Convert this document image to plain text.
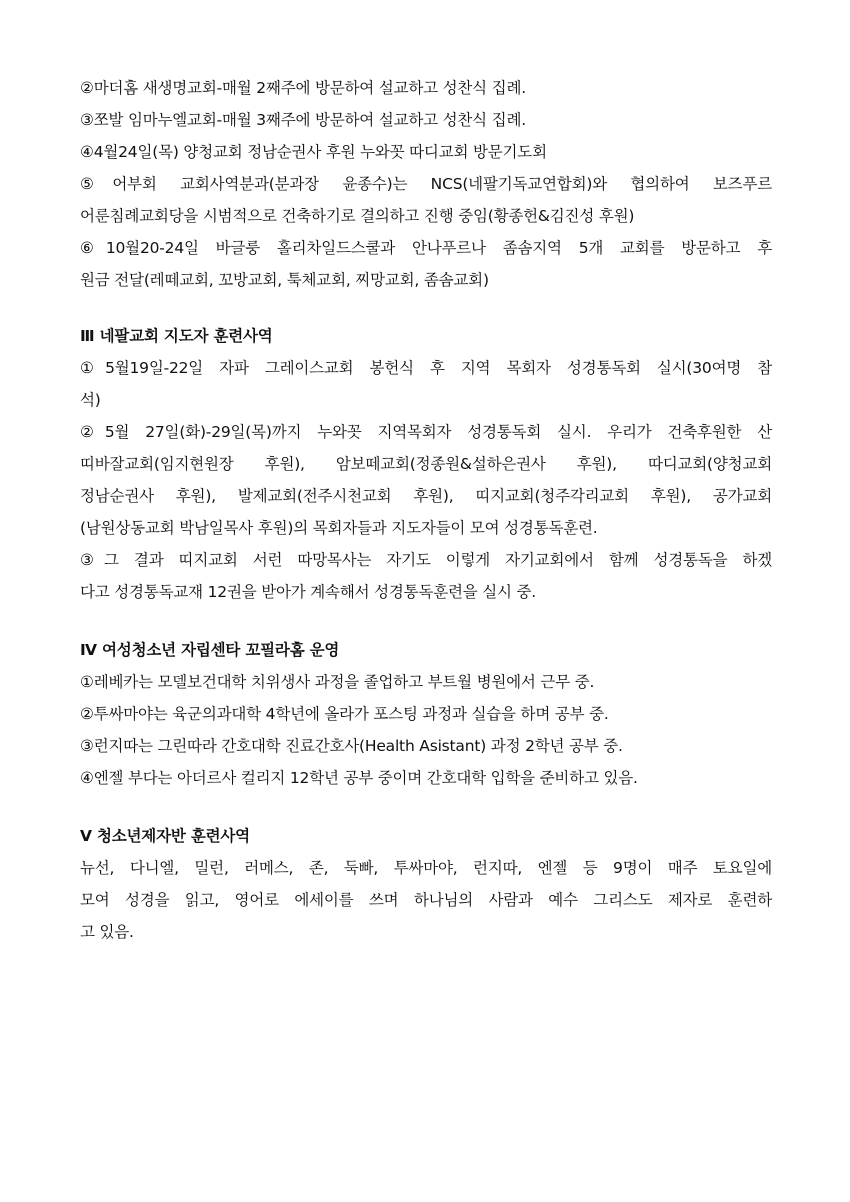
②마더홈 새생명교회-매월 2째주에 방문하여 설교하고 성찬식 집례.
③쪼발 임마누엘교회-매월 3째주에 방문하여 설교하고 성찬식 집례.
④4월24일(목) 양청교회 정남순권사 후원 누와꼿 따디교회 방문기도회
⑤어부회 교회사역분과(분과장 윤종수)는 NCS(네팔기독교연합회)와 협의하여 보즈푸르
어룬침례교회당을 시범적으로 건축하기로 결의하고 진행 중임(황종헌&김진성 후원)
⑥10월20-24일 바글룽 홀리차일드스쿨과 안나푸르나 좀솜지역 5개 교회를 방문하고 후
원금 전달(레떼교회, 꼬방교회, 툭체교회, 찌망교회, 좀솜교회)
Ⅲ 네팔교회 지도자 훈련사역
①5월19일-22일 자파 그레이스교회 봉헌식 후 지역 목회자 성경통독회 실시(30여명 참
석)
②5월 27일(화)-29일(목)까지 누와꼿 지역목회자 성경통독회 실시. 우리가 건축후원한 산
띠바잘교회(임지현원장 후원), 암보떼교회(정종원&설하은권사 후원), 따디교회(양청교회
정남순권사 후원), 발제교회(전주시천교회 후원), 띠지교회(청주각리교회 후원), 공가교회
(남원상동교회 박남일목사 후원)의 목회자들과 지도자들이 모여 성경통독훈련.
③그 결과 띠지교회 서런 따망목사는 자기도 이렇게 자기교회에서 함께 성경통독을 하겠
다고 성경통독교재 12권을 받아가 계속해서 성경통독훈련을 실시 중.
Ⅳ 여성청소년 자립센타 꼬필라홈 운영
①레베카는 모델보건대학 치위생사 과정을 졸업하고 부트월 병원에서 근무 중.
②투싸마야는 육군의과대학 4학년에 올라가 포스팅 과정과 실습을 하며 공부 중.
③런지따는 그린따라 간호대학 진료간호사(Health Asistant) 과정 2학년 공부 중.
④엔젤 부다는 아더르사 컬리지 12학년 공부 중이며 간호대학 입학을 준비하고 있음.
Ⅴ 청소년제자반 훈련사역
뉴선, 다니엘, 밀런, 러메스, 존, 둑빠, 투싸마야, 런지따, 엔젤 등 9명이 매주 토요일에
모여 성경을 읽고, 영어로 에세이를 쓰며 하나님의 사람과 예수 그리스도 제자로 훈련하
고 있음.
